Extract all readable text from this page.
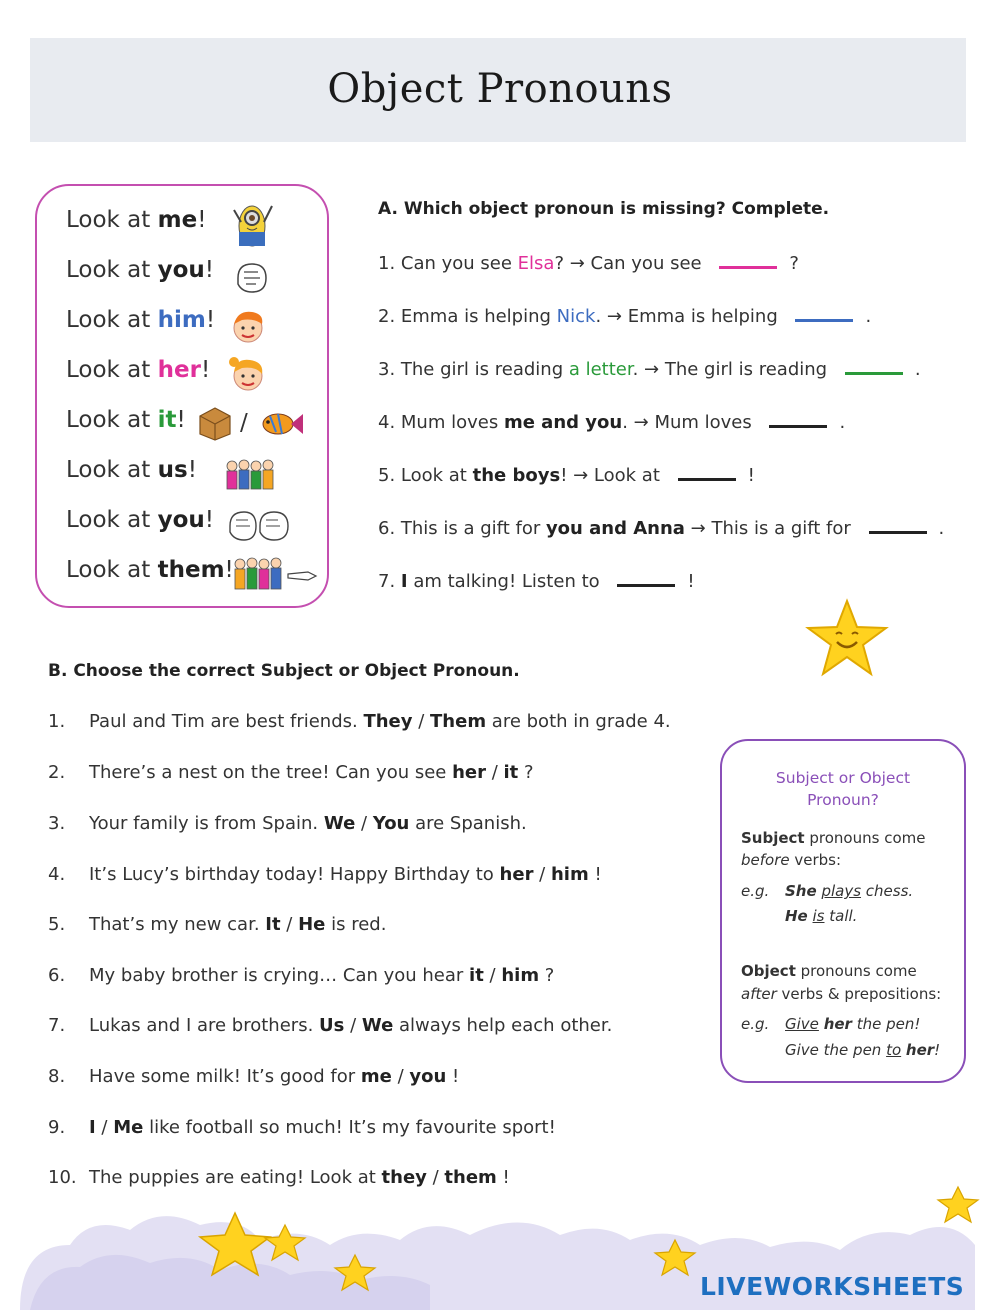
Object Pronouns
Look at me!
Look at you!
Look at him!
Look at her!
Look at it!
Look at us!
Look at you!
Look at them!
/
A. Which object pronoun is missing? Complete.
1. Can you see Elsa? → Can you see	?
2. Emma is helping Nick. → Emma is helping	.
3. The girl is reading a letter. → The girl is reading	.
4. Mum loves me and you. → Mum loves	.
5. Look at the boys! → Look at	!
6. This is a gift for you and Anna → This is a gift for	.
7. I am talking! Listen to	!
B. Choose the correct Subject or Object Pronoun.
1. Paul and Tim are best friends. They / Them are both in grade 4.
2. There’s a nest on the tree! Can you see her / it ?
3. Your family is from Spain. We / You are Spanish.
4. It’s Lucy’s birthday today! Happy Birthday to her / him !
5. That’s my new car. It / He is red.
6. My baby brother is crying… Can you hear it / him ?
7. Lukas and I are brothers. Us / We always help each other.
8. Have some milk! It’s good for me / you !
9. I / Me like football so much! It’s my favourite sport!
10. The puppies are eating! Look at they / them !
Subject or Object
Pronoun?
Subject pronouns come
before verbs:
e.g. She plays chess.
He is tall.
Object pronouns come
after verbs & prepositions:
e.g. Give her the pen!
Give the pen to her!
LIVEWORKSHEETS
